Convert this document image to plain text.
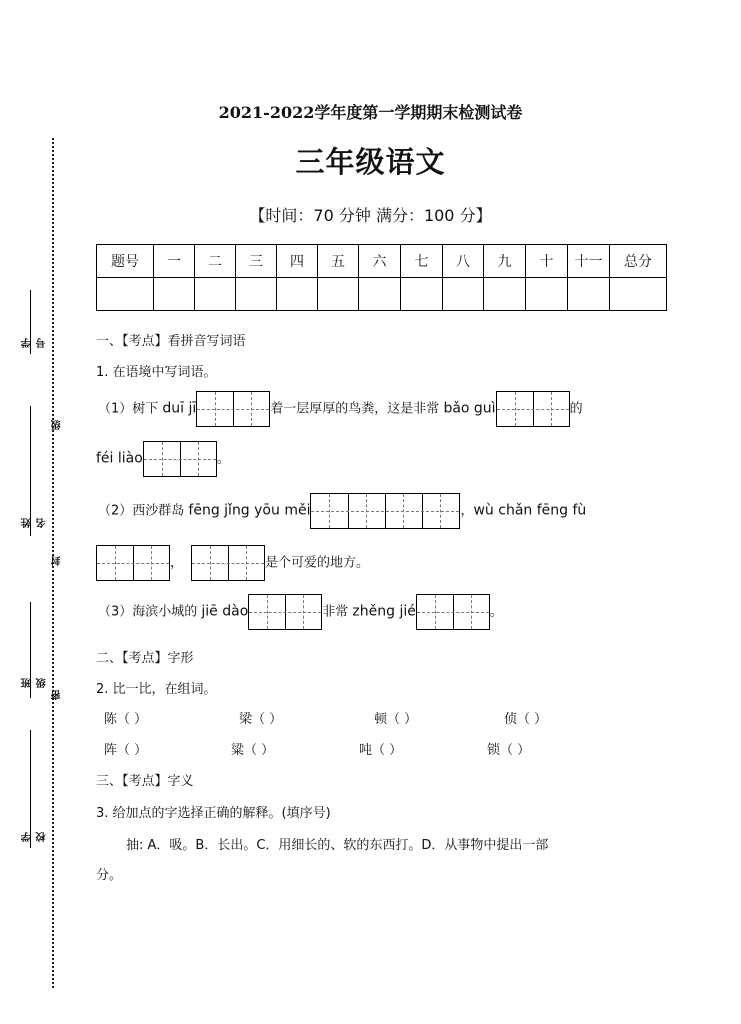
学号
级
姓名
封
班级
密
学校
2021-2022学年度第一学期期末检测试卷
三年级语文
【时间：70 分钟 满分：100 分】
题号	一	二	三	四	五	六	七	八	九	十	十一	总分

一、【考点】看拼音写词语
1. 在语境中写词语。
（1）树下 duī jī	着一层厚厚的鸟粪，这是非常 bǎo guì	的
féi liào	。
（2）西沙群岛 fēng jǐng yōu měi	，wù chǎn fēng fù
，	是个可爱的地方。
（3）海滨小城的 jiē dào	非常 zhěng jié	。
二、【考点】字形
2. 比一比，在组词。
陈（ ）	梁（ ）	顿（ ）	侦（ ）
阵（ ）	粱（ ）	吨（ ）	锁（ ）
三、【考点】字义
3. 给加点的字选择正确的解释。(填序号)
抽: A．吸。B．长出。C．用细长的、软的东西打。D．从事物中提出一部
分。
